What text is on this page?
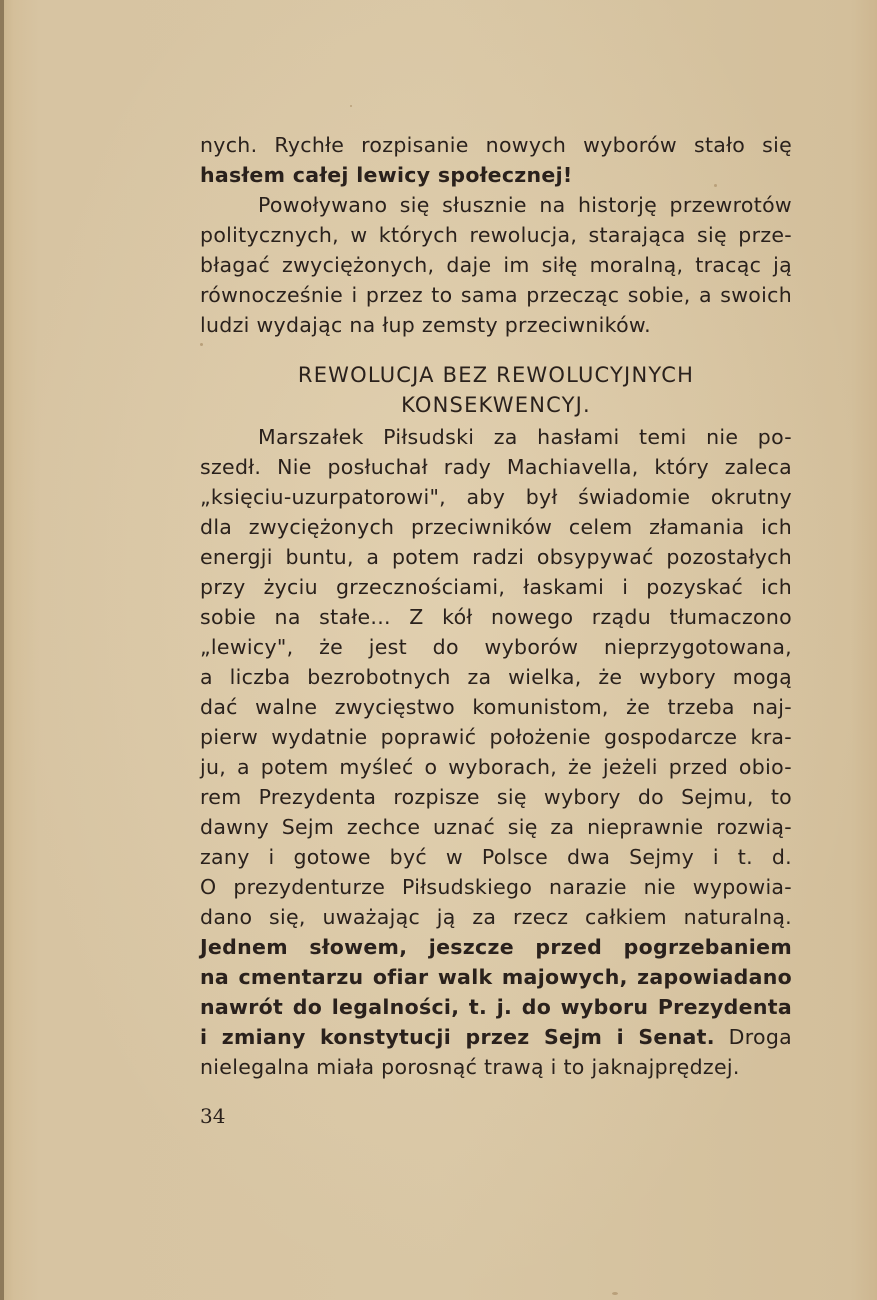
nych. Rychłe rozpisanie nowych wyborów stało się
hasłem całej lewicy społecznej!
Powoływano się słusznie na historję przewrotów
politycznych, w których rewolucja, starająca się prze-
błagać zwyciężonych, daje im siłę moralną, tracąc ją
równocześnie i przez to sama przecząc sobie, a swoich
ludzi wydając na łup zemsty przeciwników.
REWOLUCJA BEZ REWOLUCYJNYCH
KONSEKWENCYJ.
Marszałek Piłsudski za hasłami temi nie po-
szedł. Nie posłuchał rady Machiavella, który zaleca
„księciu-uzurpatorowi", aby był świadomie okrutny
dla zwyciężonych przeciwników celem złamania ich
energji buntu, a potem radzi obsypywać pozostałych
przy życiu grzecznościami, łaskami i pozyskać ich
sobie na stałe... Z kół nowego rządu tłumaczono
„lewicy", że jest do wyborów nieprzygotowana,
a liczba bezrobotnych za wielka, że wybory mogą
dać walne zwycięstwo komunistom, że trzeba naj-
pierw wydatnie poprawić położenie gospodarcze kra-
ju, a potem myśleć o wyborach, że jeżeli przed obio-
rem Prezydenta rozpisze się wybory do Sejmu, to
dawny Sejm zechce uznać się za nieprawnie rozwią-
zany i gotowe być w Polsce dwa Sejmy i t. d.
O prezydenturze Piłsudskiego narazie nie wypowia-
dano się, uważając ją za rzecz całkiem naturalną.
Jednem słowem, jeszcze przed pogrzebaniem
na cmentarzu ofiar walk majowych, zapowiadano
nawrót do legalności, t. j. do wyboru Prezydenta
i zmiany konstytucji przez Sejm i Senat. Droga
nielegalna miała porosnąć trawą i to jaknajprędzej.
34
